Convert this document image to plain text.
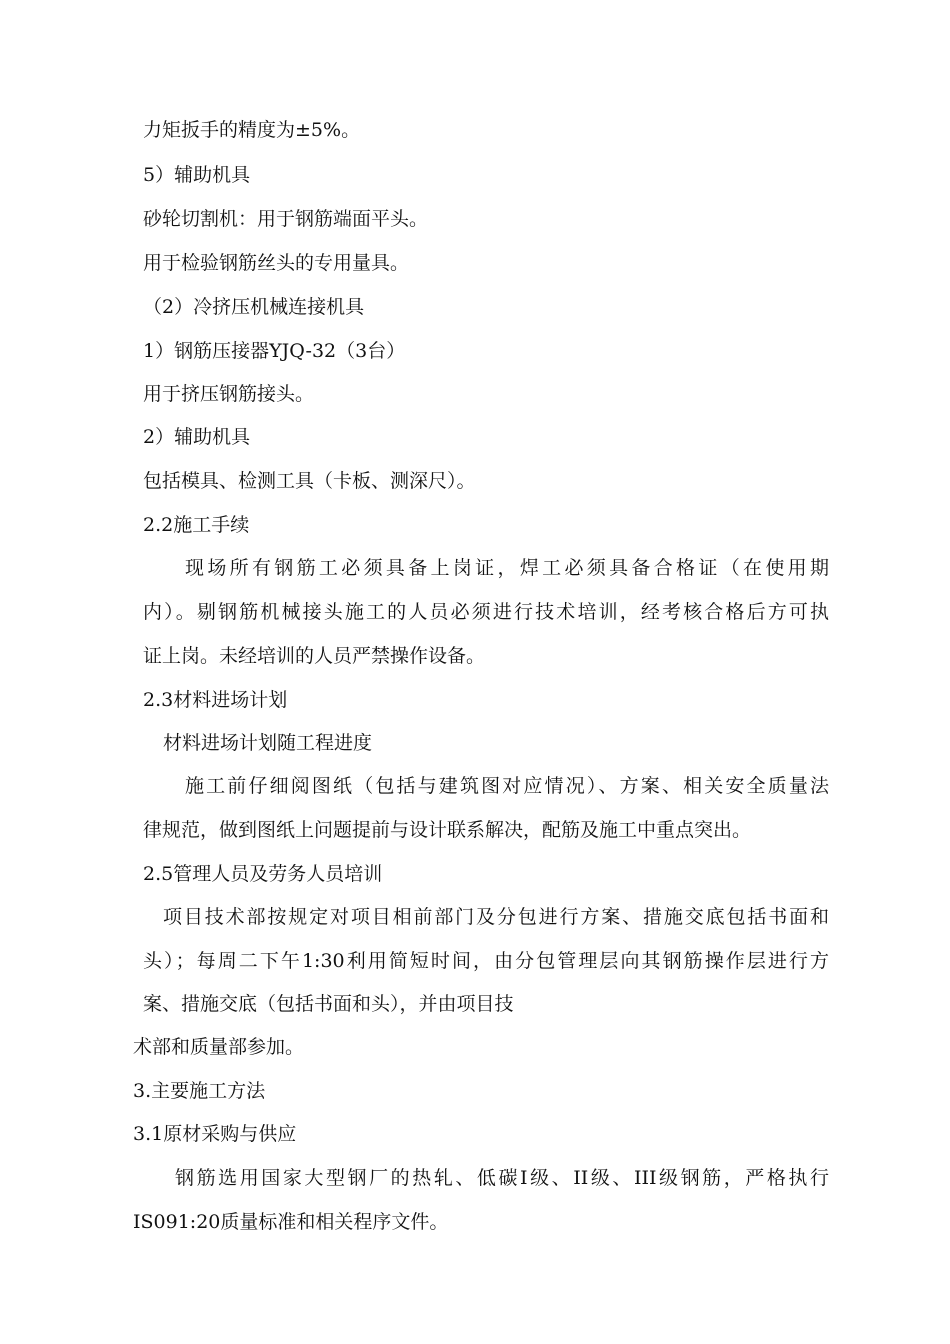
力矩扳手的精度为±5%。
5）辅助机具
砂轮切割机：用于钢筋端面平头。
用于检验钢筋丝头的专用量具。
（2）冷挤压机械连接机具
1）钢筋压接器YJQ-32（3台）
用于挤压钢筋接头。
2）辅助机具
包括模具、检测工具（卡板、测深尺）。
2.2施工手续
现场所有钢筋工必须具备上岗证，焊工必须具备合格证（在使用期
内）。剔钢筋机械接头施工的人员必须进行技术培训，经考核合格后方可执
证上岗。未经培训的人员严禁操作设备。
2.3材料进场计划
材料进场计划随工程进度
施工前仔细阅图纸（包括与建筑图对应情况）、方案、相关安全质量法
律规范，做到图纸上问题提前与设计联系解决，配筋及施工中重点突出。
2.5管理人员及劳务人员培训
项目技术部按规定对项目相前部门及分包进行方案、措施交底包括书面和
头）；每周二下午1:30利用简短时间，由分包管理层向其钢筋操作层进行方
案、措施交底（包括书面和头），并由项目技
术部和质量部参加。
3.主要施工方法
3.1原材采购与供应
钢筋选用国家大型钢厂的热轧、低碳I级、II级、III级钢筋，严格执行
IS091:20质量标准和相关程序文件。
